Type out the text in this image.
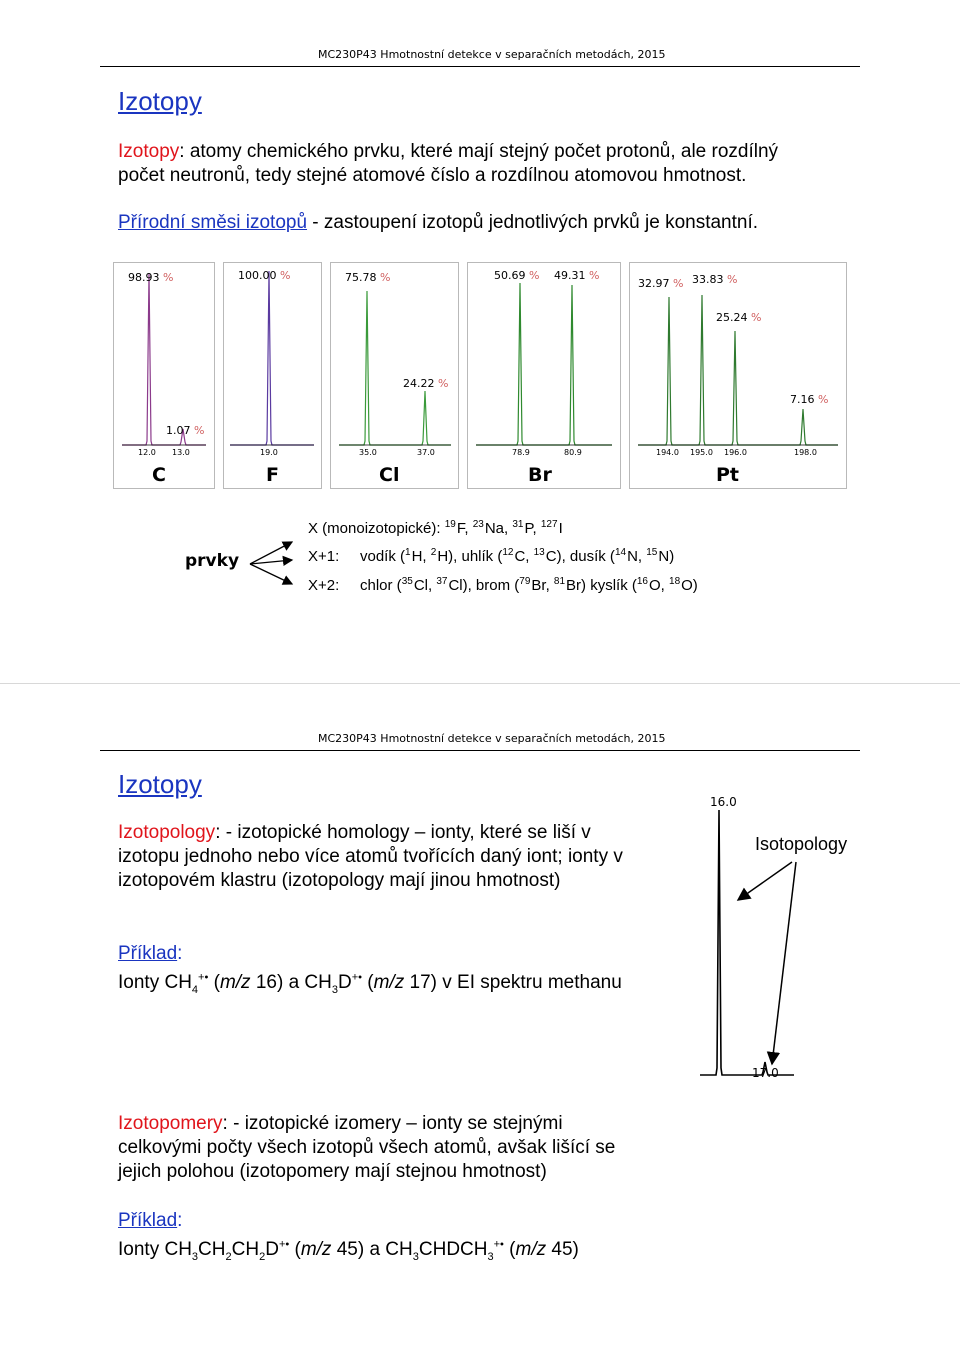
MC230P43 Hmotnostní detekce v separačních metodách, 2015
Izotopy
Izotopy: atomy chemického prvku, které mají stejný počet protonů, ale rozdílný
počet neutronů, tedy stejné atomové číslo a rozdílnou atomovou hmotnost.
Přírodní směsi izotopů - zastoupení izotopů jednotlivých prvků je konstantní.
98.93 %
1.07 %
12.0 13.0
C
100.00 %
19.0
F
75.78 %
24.22 %
35.0	37.0
Cl
50.69 % 49.31 %
78.9	80.9
Br
32.97 % 33.83 %
25.24 %
7.16 %
194.0 195.0 196.0	198.0
Pt
prvky
X (monoizotopické): $^{19}$F, $^{23}$Na, $^{31}$P, $^{127}$I
X+1: vodík ($^1$H, $^2$H), uhlík ($^{12}$C, $^{13}$C), dusík ($^{14}$N, $^{15}$N)
X+2: chlor ($^{35}$Cl, $^{37}$Cl), brom ($^{79}$Br, $^{81}$Br) kyslík ($^{16}$O, $^{18}$O)
MC230P43 Hmotnostní detekce v separačních metodách, 2015
Izotopy
Izotopology: - izotopické homology – ionty, které se liší v
izotopu jednoho nebo více atomů tvořících daný iont; ionty v
izotopovém klastru (izotopology mají jinou hmotnost)
Příklad:
Ionty $CH_4^{+•}$ (m/z 16) a $CH_3D^{+•}$ (m/z 17) v EI spektru methanu
16.0
17.0
Isotopology
Izotopomery: - izotopické izomery – ionty se stejnými
celkovými počty všech izotopů všech atomů, avšak lišící se
jejich polohou (izotopomery mají stejnou hmotnost)
Příklad:
Ionty $CH_3CH_2CH_2D^{+•}$ (m/z 45) a $CH_3CHDCH_3^{+•}$ (m/z 45)
